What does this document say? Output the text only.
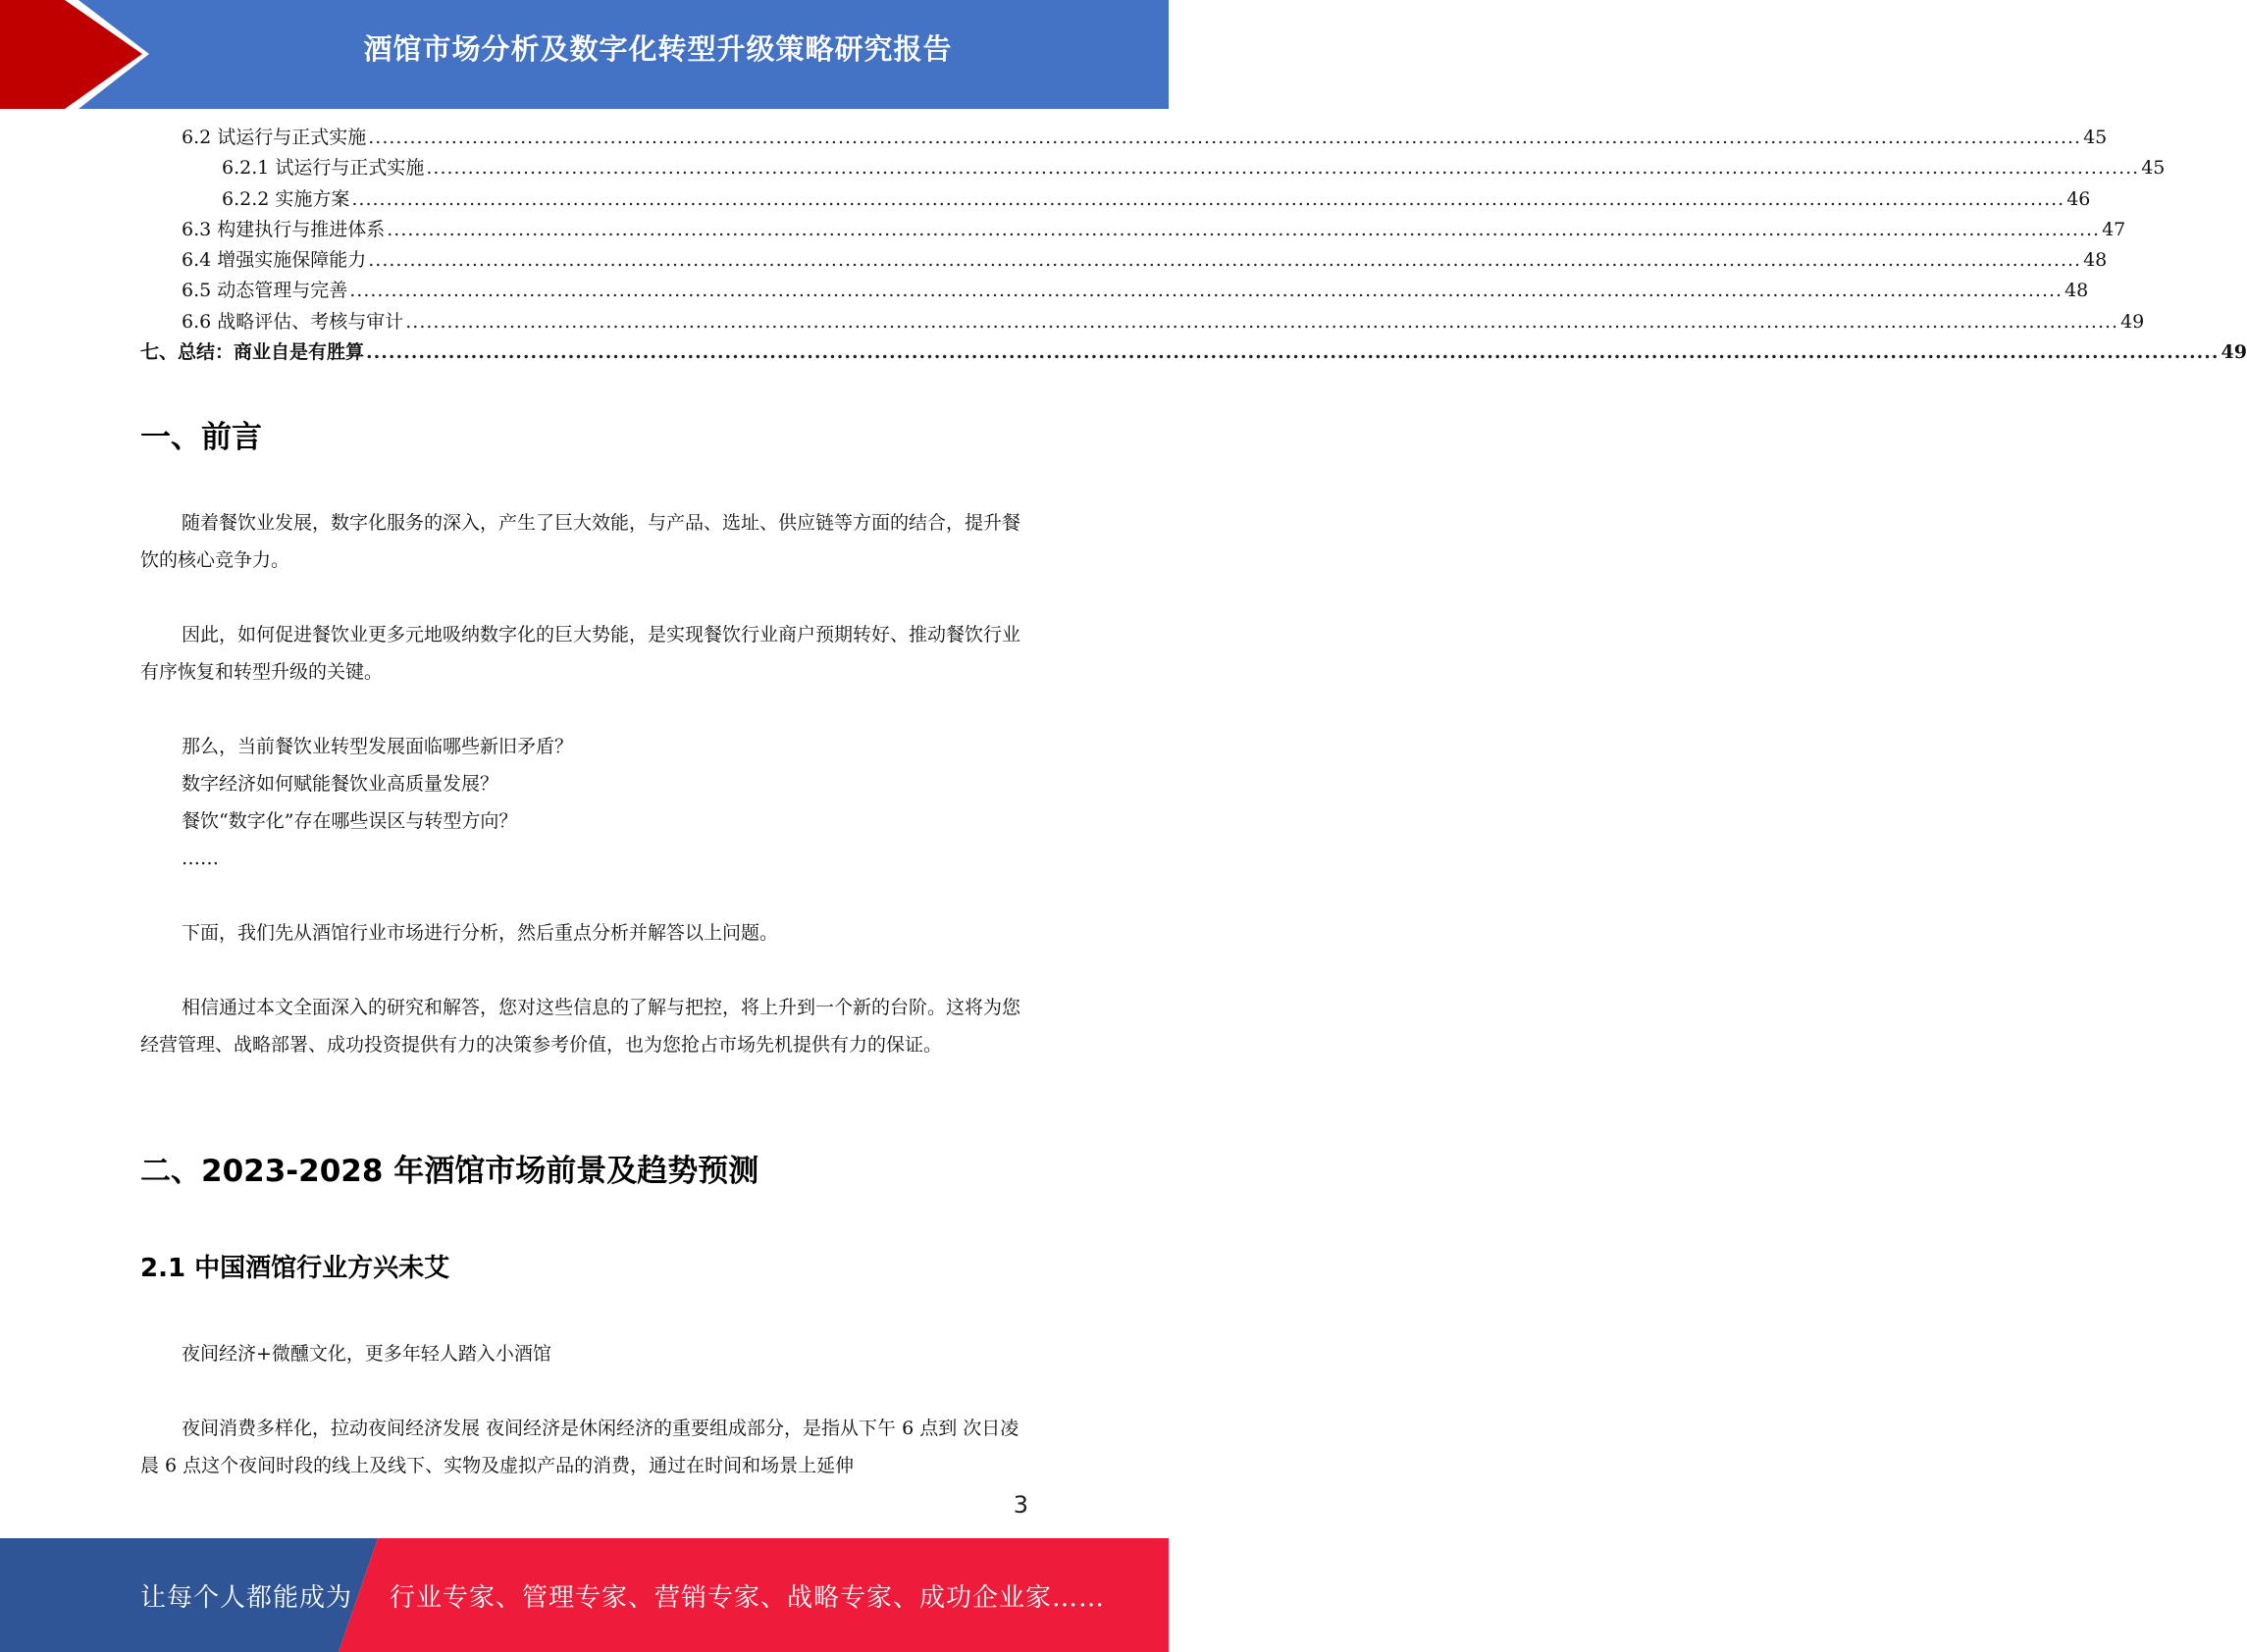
酒馆市场分析及数字化转型升级策略研究报告
6.2 试运行与正式实施 ........................................................................................................................................................................................................................................................ 45
6.2.1 试运行与正式实施 ........................................................................................................................................................................................................................................................ 45
6.2.2 实施方案 ........................................................................................................................................................................................................................................................ 46
6.3 构建执行与推进体系 ........................................................................................................................................................................................................................................................ 47
6.4 增强实施保障能力 ........................................................................................................................................................................................................................................................ 48
6.5 动态管理与完善 ........................................................................................................................................................................................................................................................ 48
6.6 战略评估、考核与审计 ........................................................................................................................................................................................................................................................ 49
七、总结：商业自是有胜算 ........................................................................................................................................................................................................................................................ 49
一、前言

随着餐饮业发展，数字化服务的深入，产生了巨大效能，与产品、选址、供应链等方面的结合，提升餐饮的核心竞争力。

因此，如何促进餐饮业更多元地吸纳数字化的巨大势能，是实现餐饮行业商户预期转好、推动餐饮行业有序恢复和转型升级的关键。

那么，当前餐饮业转型发展面临哪些新旧矛盾？
数字经济如何赋能餐饮业高质量发展？
餐饮“数字化”存在哪些误区与转型方向？
……

下面，我们先从酒馆行业市场进行分析，然后重点分析并解答以上问题。

相信通过本文全面深入的研究和解答，您对这些信息的了解与把控，将上升到一个新的台阶。这将为您经营管理、战略部署、成功投资提供有力的决策参考价值，也为您抢占市场先机提供有力的保证。

二、2023-2028 年酒馆市场前景及趋势预测
2.1 中国酒馆行业方兴未艾

夜间经济+微醺文化，更多年轻人踏入小酒馆

夜间消费多样化，拉动夜间经济发展 夜间经济是休闲经济的重要组成部分，是指从下午 6 点到 次日凌晨 6 点这个夜间时段的线上及线下、实物及虚拟产品的消费，通过在时间和场景上延伸

3
让每个人都能成为 行业专家、管理专家、营销专家、战略专家、成功企业家……
